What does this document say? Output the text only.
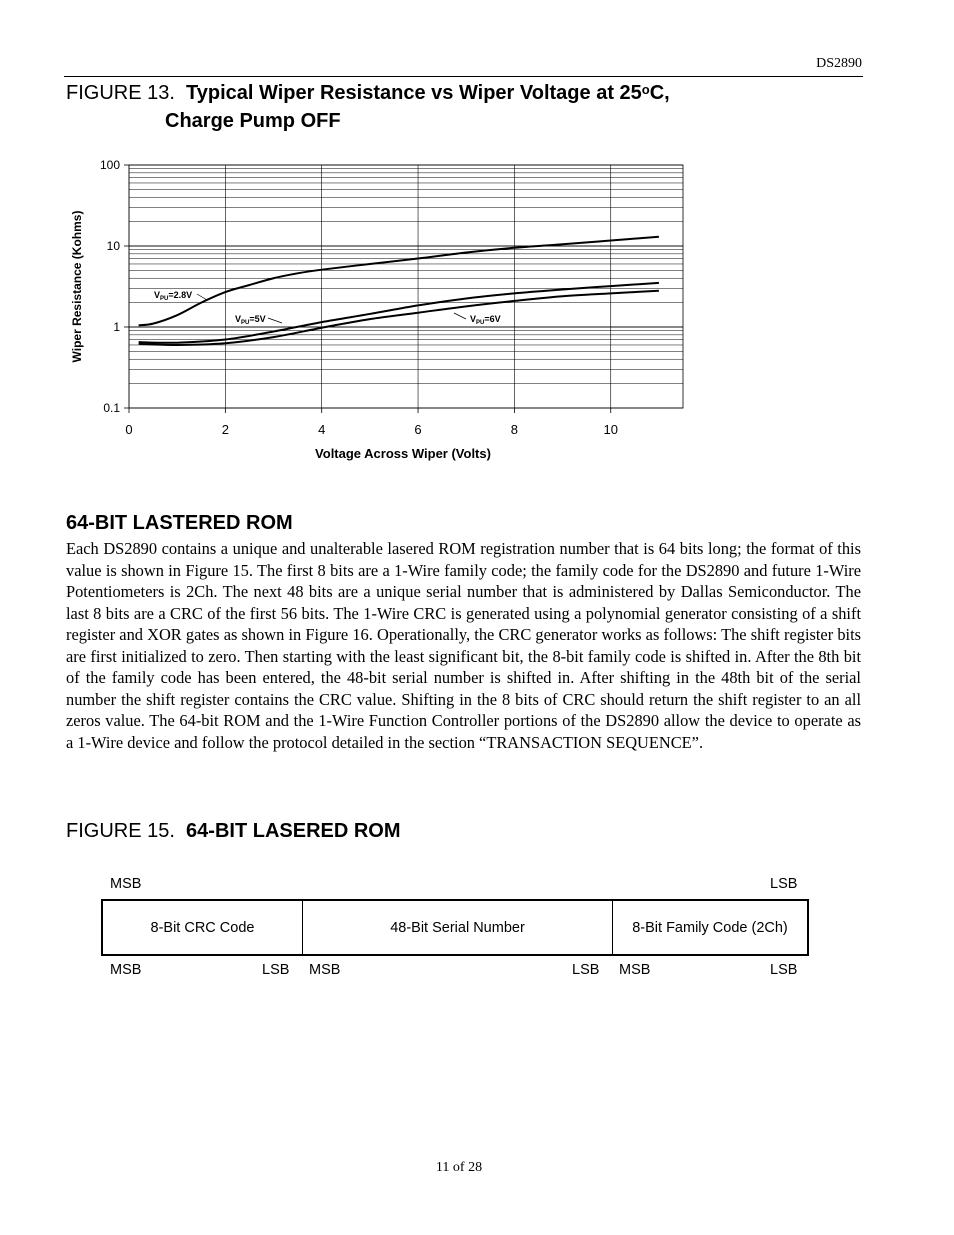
DS2890
FIGURE 13. Typical Wiper Resistance vs Wiper Voltage at 25$^o$C,
Charge Pump OFF
0	2	4	6	8	10
0.1
1
10
100
$V_{PU}=2.8V$
$V_{PU}=5V$	$V_{PU}=6V$
Wiper Resistance (Kohms)
Voltage Across Wiper (Volts)
64-BIT LASTERED ROM
Each DS2890 contains a unique and unalterable lasered ROM registration number that is 64 bits long; the format of this value is shown in Figure 15. The first 8 bits are a 1-Wire family code; the family code for the DS2890 and future 1-Wire Potentiometers is 2Ch. The next 48 bits are a unique serial number that is administered by Dallas Semiconductor. The last 8 bits are a CRC of the first 56 bits. The 1-Wire CRC is generated using a polynomial generator consisting of a shift register and XOR gates as shown in Figure 16. Operationally, the CRC generator works as follows: The shift register bits are first initialized to zero. Then starting with the least significant bit, the 8-bit family code is shifted in. After the 8th bit of the family code has been entered, the 48-bit serial number is shifted in. After shifting in the 48th bit of the serial number the shift register contains the CRC value. Shifting in the 8 bits of CRC should return the shift register to an all zeros value. The 64-bit ROM and the 1-Wire Function Controller portions of the DS2890 allow the device to operate as a 1-Wire device and follow the protocol detailed in the section “TRANSACTION SEQUENCE”.
FIGURE 15. 64-BIT LASERED ROM
MSB	LSB
8-Bit CRC Code	48-Bit Serial Number	8-Bit Family Code (2Ch)
MSB	LSB MSB	LSB MSB	LSB
11 of 28
